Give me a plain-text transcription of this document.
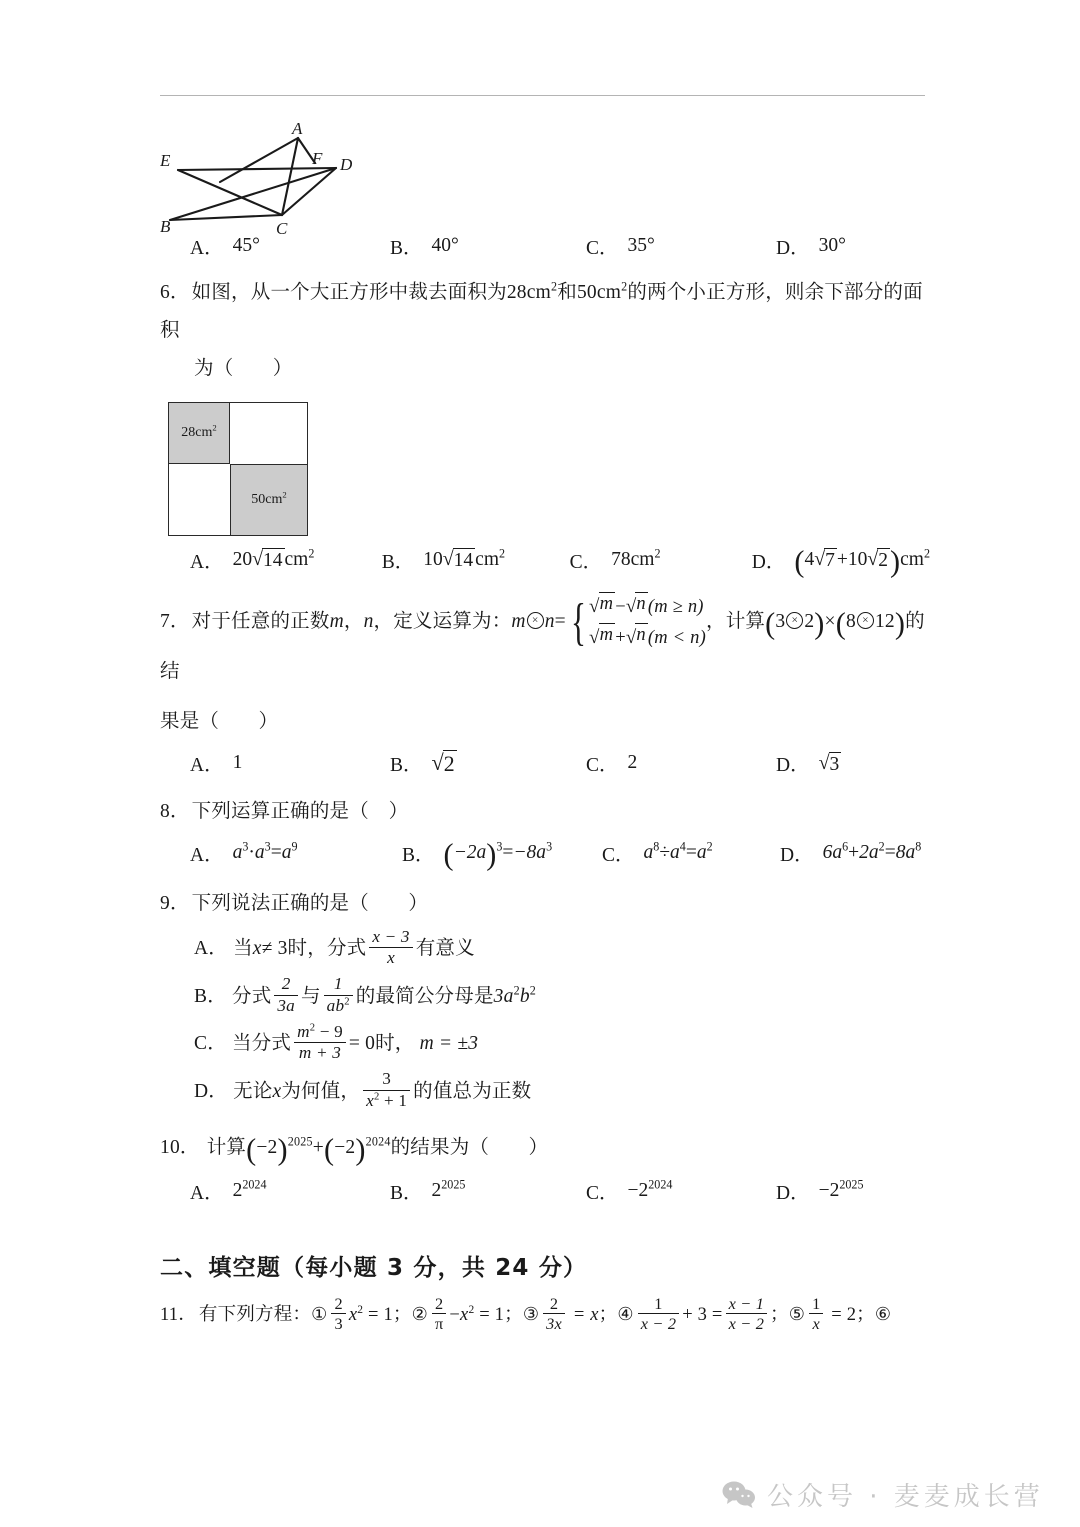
A
F
E	D
B	C
A． 45°	B． 40°	C． 35°	D． 30°
6． 如图，从一个大正方形中裁去面积为$28cm^2$和$50cm^2$的两个小正方形，则余下部分的面积
为（　　）
$28cm^2$
$50cm^2$
A． 20 √ 14 $cm^2$	B． 10 √ 14 $cm^2$	C． $78cm^2$	D． (4 √ 7 +10 √ 2 )$cm^2$
7． 对于任意的正数m，n，定义运算为：m × n= { √ m − √ n (m ≥ n)
√ m + √ n (m < n)
，计算(3 × 2)×(8 × 12)的结
果是（　　）
A． 1	B． √ 2	C． 2	D． √ 3
8． 下列运算正确的是（　）
A． $a^3\cdot a^3=a^9$	B． $(-2a)^3=-8a^3$	C． $a^8\div a^4=a^2$	D． $6a^6+2a^2=8a^8$
9． 下列说法正确的是（　　）
A． 当x≠ 3时，分式 $\frac{x - 3}{x}$ 有意义
B． 分式 $\frac{2}{3a}$ 与 $\frac{1}{ab^2}$ 的最简公分母是$3a^2b^2$
C． 当分式 $\frac{m^2 - 9}{m + 3} = 0$时， m = ±3
D． 无论x为何值， $\frac{3}{x^2 + 1}$ 的值总为正数
10． 计算$(-2)^{2025}+(-2)^{2024}$的结果为（　　）
A． $2^{2024}$	B． $2^{2025}$	C． $-2^{2024}$	D． $-2^{2025}$
二、填空题（每小题 3 分，共 24 分）
11． 有下列方程：① $\frac{2}{3} x^2 = 1$；② $\frac{2}{\pi} -x^2 = 1$；③ $\frac{2}{3x} = x$；④ $\frac{1}{x - 2} + 3 = \frac{x - 1}{x - 2}$ ；⑤ $\frac{1}{x} = 2$；⑥
公众号 · 麦麦成长营
